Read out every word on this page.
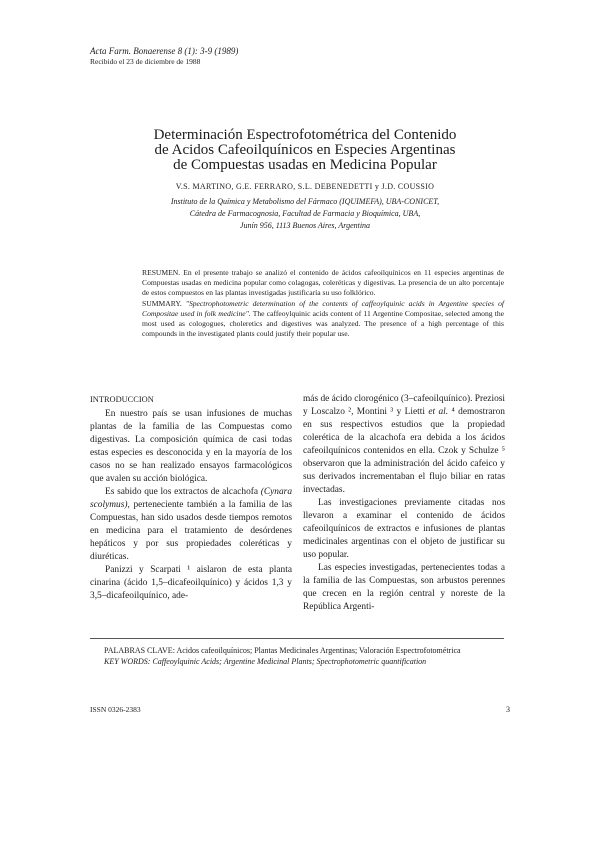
Acta Farm. Bonaerense 8 (1): 3-9 (1989)
Recibido el 23 de diciembre de 1988
Determinación Espectrofotométrica del Contenido
de Acidos Cafeoilquínicos en Especies Argentinas
de Compuestas usadas en Medicina Popular
V.S. MARTINO, G.E. FERRARO, S.L. DEBENEDETTI y J.D. COUSSIO
Instituto de la Química y Metabolismo del Fármaco (IQUIMEFA), UBA-CONICET,
Cátedra de Farmacognosia, Facultad de Farmacia y Bioquímica, UBA,
Junín 956, 1113 Buenos Aires, Argentina
RESUMEN. En el presente trabajo se analizó el contenido de ácidos cafeoilquínicos en 11 especies argentinas de Compuestas usadas en medicina popular como colagogas, coleréticas y digestivas. La presencia de un alto porcentaje de estos compuestos en las plantas investigadas justificaría su uso folklórico.
SUMMARY. "Spectrophotometric determination of the contents of caffeoylquinic acids in Argentine species of Compositae used in folk medicine". The caffeoylquinic acids content of 11 Argentine Compositae, selected among the most used as cologogues, choleretics and digestives was analyzed. The presence of a high percentage of this compounds in the investigated plants could justify their popular use.

INTRODUCCION

En nuestro país se usan infusiones de muchas plantas de la familia de las Compuestas como digestivas. La composición química de casi todas estas especies es desconocida y en la mayoría de los casos no se han realizado ensayos farmacológicos que avalen su acción biológica.

Es sabido que los extractos de alcachofa (Cynara scolymus), perteneciente también a la familia de las Compuestas, han sido usados desde tiempos remotos en medicina para el tratamiento de desórdenes hepáticos y por sus propiedades coleréticas y diuréticas.

Panizzi y Scarpati ¹ aislaron de esta planta cinarina (ácido 1,5–dicafeoilquínico) y ácidos 1,3 y 3,5–dicafeoilquínico, ade-

más de ácido clorogénico (3–cafeoilquínico). Preziosi y Loscalzo ², Montini ³ y Lietti et al. ⁴ demostraron en sus respectivos estudios que la propiedad colerética de la alcachofa era debida a los ácidos cafeoilquínicos contenidos en ella. Czok y Schulze ⁵ observaron que la administración del ácido cafeico y sus derivados incrementaban el flujo biliar en ratas invectadas.

Las investigaciones previamente citadas nos llevaron a examinar el contenido de ácidos cafeoilquínicos de extractos e infusiones de plantas medicinales argentinas con el objeto de justificar su uso popular.

Las especies investigadas, pertenecientes todas a la familia de las Compuestas, son arbustos perennes que crecen en la región central y noreste de la República Argenti-

PALABRAS CLAVE: Acidos cafeoilquínicos; Plantas Medicinales Argentinas; Valoración Espectrofotométrica
KEY WORDS: Caffeoylquinic Acids; Argentine Medicinal Plants; Spectrophotometric quantification
ISSN 0326-2383	3
